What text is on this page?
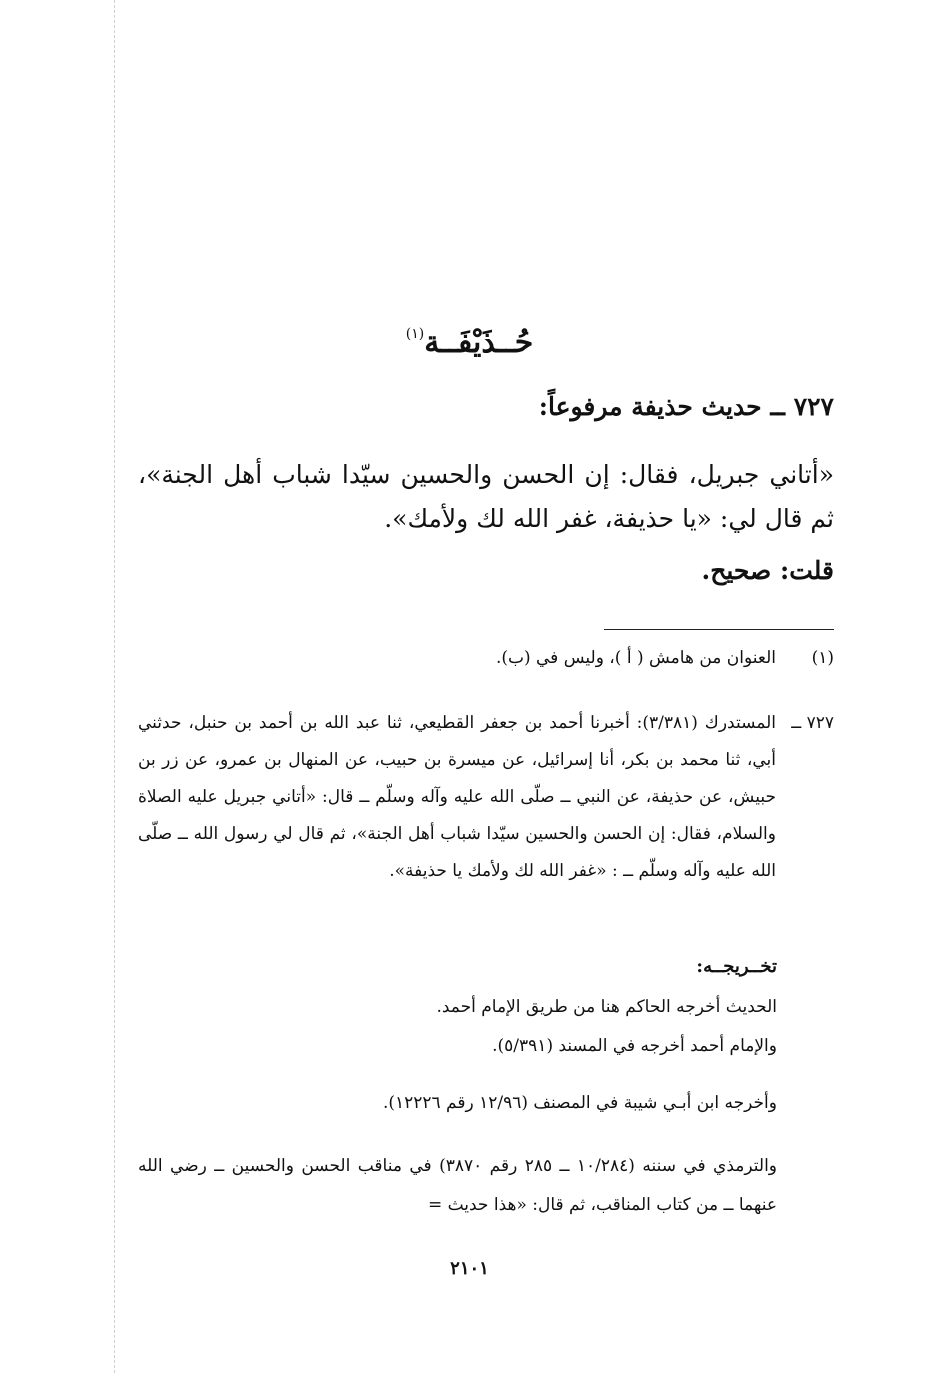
حُــذَيْفَــة$^{(١)}$
٧٢٧ ــ حديث حذيفة مرفوعاً:
«أتاني جبريل، فقال: إن الحسن والحسين سيّدا شباب أهل الجنة»، ثم قال لي: «يا حذيفة، غفر الله لك ولأمك».
قلت: صحيح.
(١)
العنوان من هامش ( أ )، وليس في (ب).
٧٢٧ ــ
المستدرك (٣/٣٨١): أخبرنا أحمد بن جعفر القطيعي، ثنا عبد الله بن أحمد بن حنبل، حدثني أبي، ثنا محمد بن بكر، أنا إسرائيل، عن ميسرة بن حبيب، عن المنهال بن عمرو، عن زر بن حبيش، عن حذيفة، عن النبي ــ صلّى الله عليه وآله وسلّم ــ قال: «أتاني جبريل عليه الصلاة والسلام، فقال: إن الحسن والحسين سيّدا شباب أهل الجنة»، ثم قال لي رسول الله ــ صلّى الله عليه وآله وسلّم ــ : «غفر الله لك ولأمك يا حذيفة».
تخــريجــه:
الحديث أخرجه الحاكم هنا من طريق الإمام أحمد.
والإمام أحمد أخرجه في المسند (٥/٣٩١).
وأخرجه ابن أبـي شيبة في المصنف (١٢/٩٦ رقم ١٢٢٢٦).
والترمذي في سننه (١٠/٢٨٤ ــ ٢٨٥ رقم ٣٨٧٠) في مناقب الحسن والحسين ــ رضي الله عنهما ــ من كتاب المناقب، ثم قال: «هذا حديث =
٢١٠١
